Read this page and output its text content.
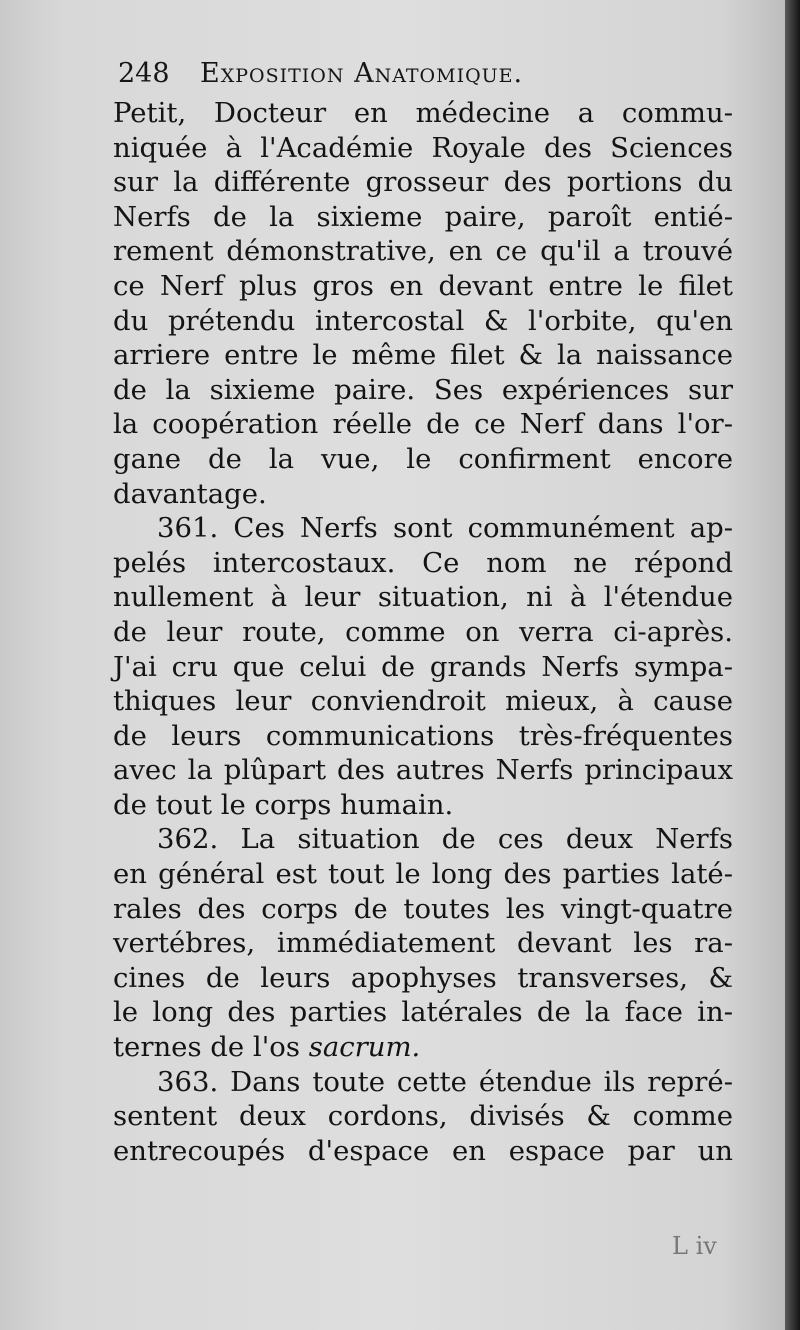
248 Exposition Anatomique.
Petit, Docteur en médecine a commu-
niquée à l'Académie Royale des Sciences
sur la différente grosseur des portions du
Nerfs de la sixieme paire, paroît entié-
rement démonstrative, en ce qu'il a trouvé
ce Nerf plus gros en devant entre le filet
du prétendu intercostal & l'orbite, qu'en
arriere entre le même filet & la naissance
de la sixieme paire. Ses expériences sur
la coopération réelle de ce Nerf dans l'or-
gane de la vue, le confirment encore
davantage.
361. Ces Nerfs sont communément ap-
pelés intercostaux. Ce nom ne répond
nullement à leur situation, ni à l'étendue
de leur route, comme on verra ci-après.
J'ai cru que celui de grands Nerfs sympa-
thiques leur conviendroit mieux, à cause
de leurs communications très-fréquentes
avec la plûpart des autres Nerfs principaux
de tout le corps humain.
362. La situation de ces deux Nerfs
en général est tout le long des parties laté-
rales des corps de toutes les vingt-quatre
vertébres, immédiatement devant les ra-
cines de leurs apophyses transverses, &
le long des parties latérales de la face in-
ternes de l'os sacrum.
363. Dans toute cette étendue ils repré-
sentent deux cordons, divisés & comme
entrecoupés d'espace en espace par un
L iv
